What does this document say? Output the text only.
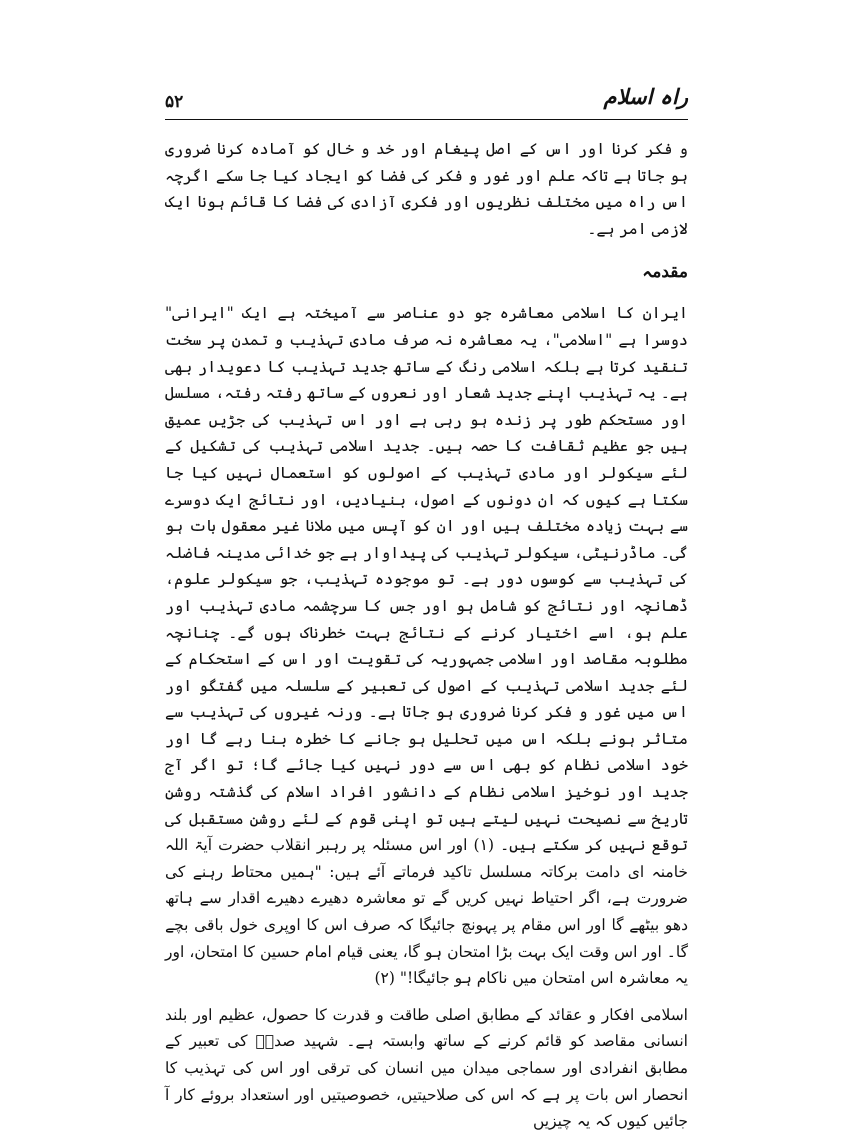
۵۲	راہ اسلام

و فکر کرنا اور اس کے اصل پیغام اور خد و خال کو آمادہ کرنا ضروری ہو جاتا ہے تاکہ علم اور غور و فکر کی فضا کو ایجاد کیا جا سکے اگرچہ اس راہ میں مختلف نظریوں اور فکری آزادی کی فضا کا قائم ہونا ایک لازمی امر ہے۔

مقدمہ

ایران کا اسلامی معاشرہ جو دو عناصر سے آمیختہ ہے ایک "ایرانی" دوسرا ہے "اسلامی"، یہ معاشرہ نہ صرف مادی تہذیب و تمدن پر سخت تنقید کرتا ہے بلکہ اسلامی رنگ کے ساتھ جدید تہذیب کا دعویدار بھی ہے۔ یہ تہذیب اپنے جدید شعار اور نعروں کے ساتھ رفتہ رفتہ، مسلسل اور مستحکم طور پر زندہ ہو رہی ہے اور اس تہذیب کی جڑیں عمیق ہیں جو عظیم ثقافت کا حصہ ہیں۔ جدید اسلامی تہذیب کی تشکیل کے لئے سیکولر اور مادی تہذیب کے اصولوں کو استعمال نہیں کیا جا سکتا ہے کیوں کہ ان دونوں کے اصول، بنیادیں، اور نتائج ایک دوسرے سے بہت زیادہ مختلف ہیں اور ان کو آپس میں ملانا غیر معقول بات ہو گی۔ ماڈرنیٹی، سیکولر تہذیب کی پیداوار ہے جو خدائی مدینہ فاضلہ کی تہذیب سے کوسوں دور ہے۔ تو موجودہ تہذیب، جو سیکولر علوم، ڈھانچہ اور نتائج کو شامل ہو اور جس کا سرچشمہ مادی تہذیب اور علم ہو، اسے اختیار کرنے کے نتائج بہت خطرناک ہوں گے۔ چنانچہ مطلوبہ مقاصد اور اسلامی جمہوریہ کی تقویت اور اس کے استحکام کے لئے جدید اسلامی تہذیب کے اصول کی تعبیر کے سلسلہ میں گفتگو اور اس میں غور و فکر کرنا ضروری ہو جاتا ہے۔ ورنہ غیروں کی تہذیب سے متاثر ہونے بلکہ اس میں تحلیل ہو جانے کا خطرہ بنا رہے گا اور خود اسلامی نظام کو بھی اس سے دور نہیں کیا جائے گا؛ تو اگر آج جدید اور نوخیز اسلامی نظام کے دانشور افراد اسلام کی گذشتہ روشن تاریخ سے نصیحت نہیں لیتے ہیں تو اپنی قوم کے لئے روشن مستقبل کی توقع نہیں کر سکتے ہیں۔ (۱) اور اس مسئلہ پر رہبر انقلاب حضرت آیۃ اللہ خامنہ ای دامت برکاتہ مسلسل تاکید فرماتے آئے ہیں: "ہمیں محتاط رہنے کی ضرورت ہے، اگر احتیاط نہیں کریں گے تو معاشرہ دھیرے دھیرے اقدار سے ہاتھ دھو بیٹھے گا اور اس مقام پر پہونچ جائیگا کہ صرف اس کا اوپری خول باقی بچے گا۔ اور اس وقت ایک بہت بڑا امتحان ہو گا، یعنی قیام امام حسین کا امتحان، اور یہ معاشرہ اس امتحان میں ناکام ہو جائیگا!" (۲)

اسلامی افکار و عقائد کے مطابق اصلی طاقت و قدرت کا حصول، عظیم اور بلند انسانی مقاصد کو قائم کرنے کے ساتھ وابستہ ہے۔ شہید صدرؒ کی تعبیر کے مطابق انفرادی اور سماجی میدان میں انسان کی ترقی اور اس کی تہذیب کا انحصار اس بات پر ہے کہ اس کی صلاحیتیں، خصوصیتیں اور استعداد بروئے کار آ جائیں کیوں کہ یہ چیزیں
